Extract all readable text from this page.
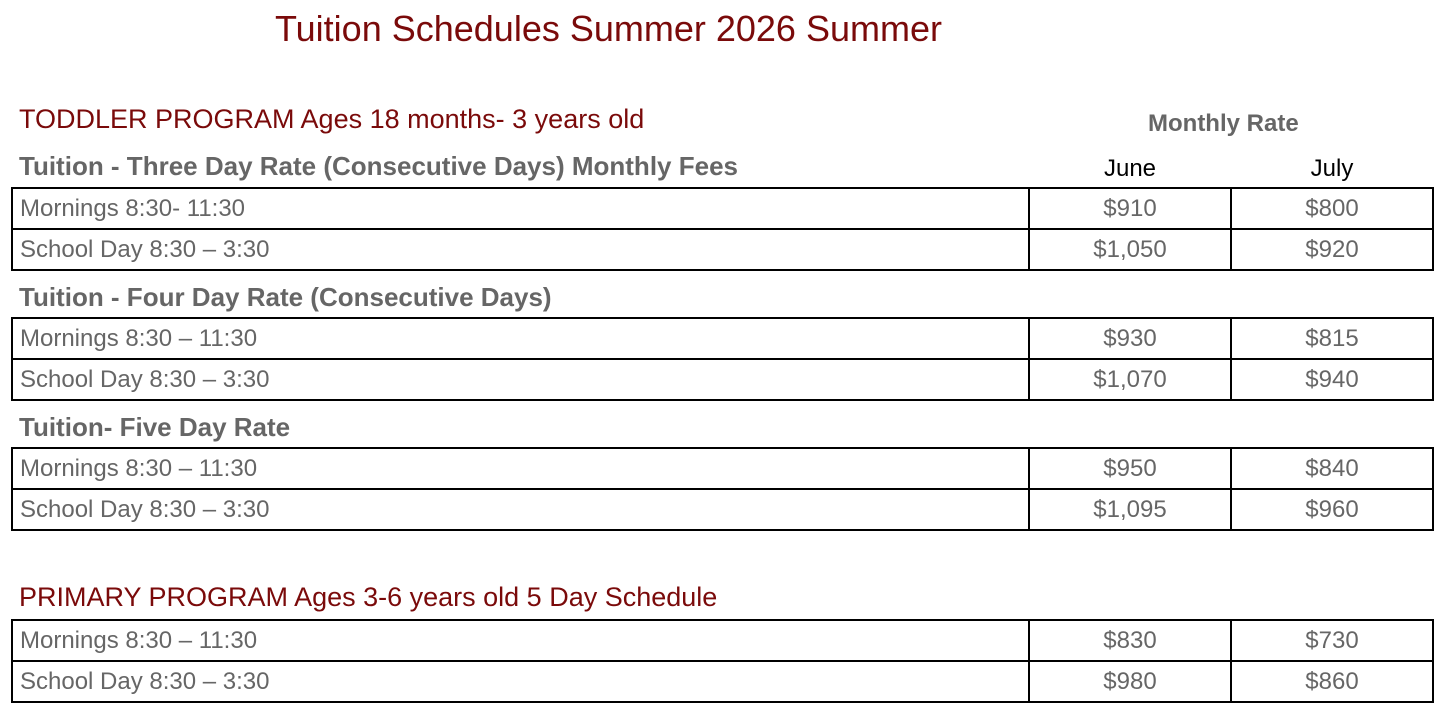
Tuition Schedules Summer 2026 Summer
TODDLER PROGRAM Ages 18 months- 3 years old	Monthly Rate
June	July
Tuition - Three Day Rate (Consecutive Days) Monthly Fees
Mornings 8:30- 11:30	$910	$800
School Day 8:30 – 3:30	$1,050	$920
Tuition - Four Day Rate (Consecutive Days)
Mornings 8:30 – 11:30	$930	$815
School Day 8:30 – 3:30	$1,070	$940
Tuition- Five Day Rate
Mornings 8:30 – 11:30	$950	$840
School Day 8:30 – 3:30	$1,095	$960
PRIMARY PROGRAM Ages 3-6 years old 5 Day Schedule
Mornings 8:30 – 11:30	$830	$730
School Day 8:30 – 3:30	$980	$860
